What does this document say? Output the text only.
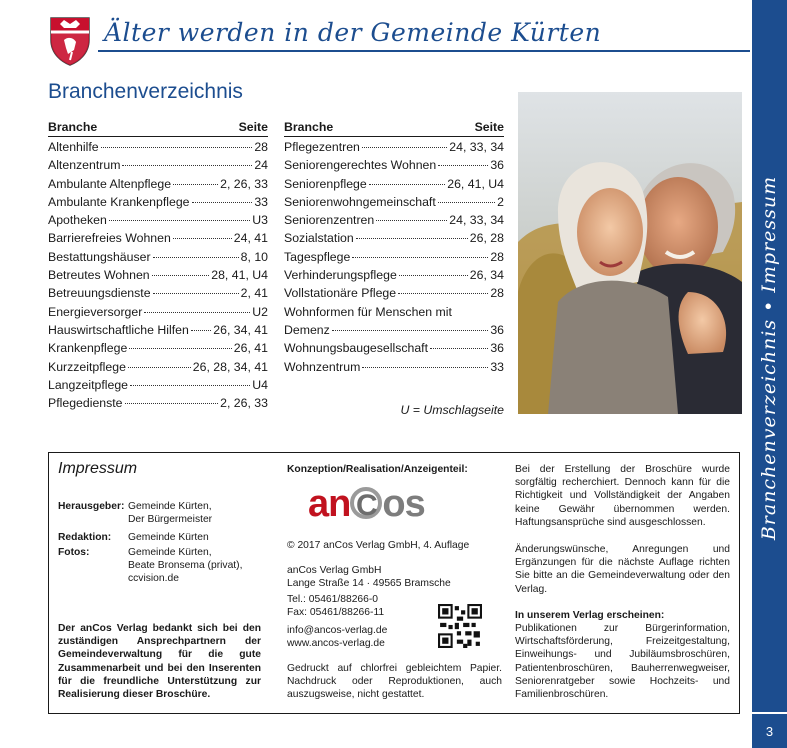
Älter werden in der Gemeinde Kürten
Branchenverzeichnis • Impressum
3
Branchenverzeichnis
Branche	Seite
Altenhilfe	28
Altenzentrum	24
Ambulante Altenpflege	2, 26, 33
Ambulante Krankenpflege	33
Apotheken	U3
Barrierefreies Wohnen	24, 41
Bestattungshäuser	8, 10
Betreutes Wohnen	28, 41, U4
Betreuungsdienste	2, 41
Energieversorger	U2
Hauswirtschaftliche Hilfen 26, 34, 41
Krankenpflege	26, 41
Kurzzeitpflege	26, 28, 34, 41
Langzeitpflege	U4
Pflegedienste	2, 26, 33
Branche	Seite
Pflegezentren	24, 33, 34
Seniorengerechtes Wohnen	36
Seniorenpflege	26, 41, U4
Seniorenwohngemeinschaft	2
Seniorenzentren	24, 33, 34
Sozialstation	26, 28
Tagespflege	28
Verhinderungspflege	26, 34
Vollstationäre Pflege	28
Wohnformen für Menschen mit
Demenz	36
Wohnungsbaugesellschaft	36
Wohnzentrum	33
U = Umschlagseite
Impressum
Herausgeber: Gemeinde Kürten,
Der Bürgermeister
Redaktion: Gemeinde Kürten
Fotos:	Gemeinde Kürten,
Beate Bronsema (privat),
ccvision.de
Der anCos Verlag bedankt sich bei den zuständigen Ansprechpartnern der Gemeindeverwaltung für die gute Zusammenarbeit und bei den Inserenten für die freundliche Unterstützung zur Realisierung dieser Broschüre.
Konzeption/Realisation/Anzeigenteil:
an C os
© 2017 anCos Verlag GmbH, 4. Auflage
anCos Verlag GmbH
Lange Straße 14 · 49565 Bramsche
Tel.: 05461/88266-0
Fax: 05461/88266-11
info@ancos-verlag.de
www.ancos-verlag.de
Gedruckt auf chlorfrei gebleichtem Papier. Nachdruck oder Reproduktionen, auch auszugsweise, nicht gestattet.
Bei der Erstellung der Broschüre wurde sorgfältig recherchiert. Dennoch kann für die Richtigkeit und Vollständigkeit der Angaben keine Gewähr übernommen werden. Haftungsansprüche sind ausgeschlossen.
Änderungswünsche, Anregungen und Ergänzungen für die nächste Auflage richten Sie bitte an die Gemeindeverwaltung oder den Verlag.
In unserem Verlag erscheinen:
Publikationen zur Bürgerinformation, Wirtschaftsförderung, Freizeitgestaltung, Einweihungs- und Jubiläumsbroschüren, Patientenbroschüren, Bauherrenwegweiser, Seniorenratgeber sowie Hochzeits- und Familienbroschüren.
